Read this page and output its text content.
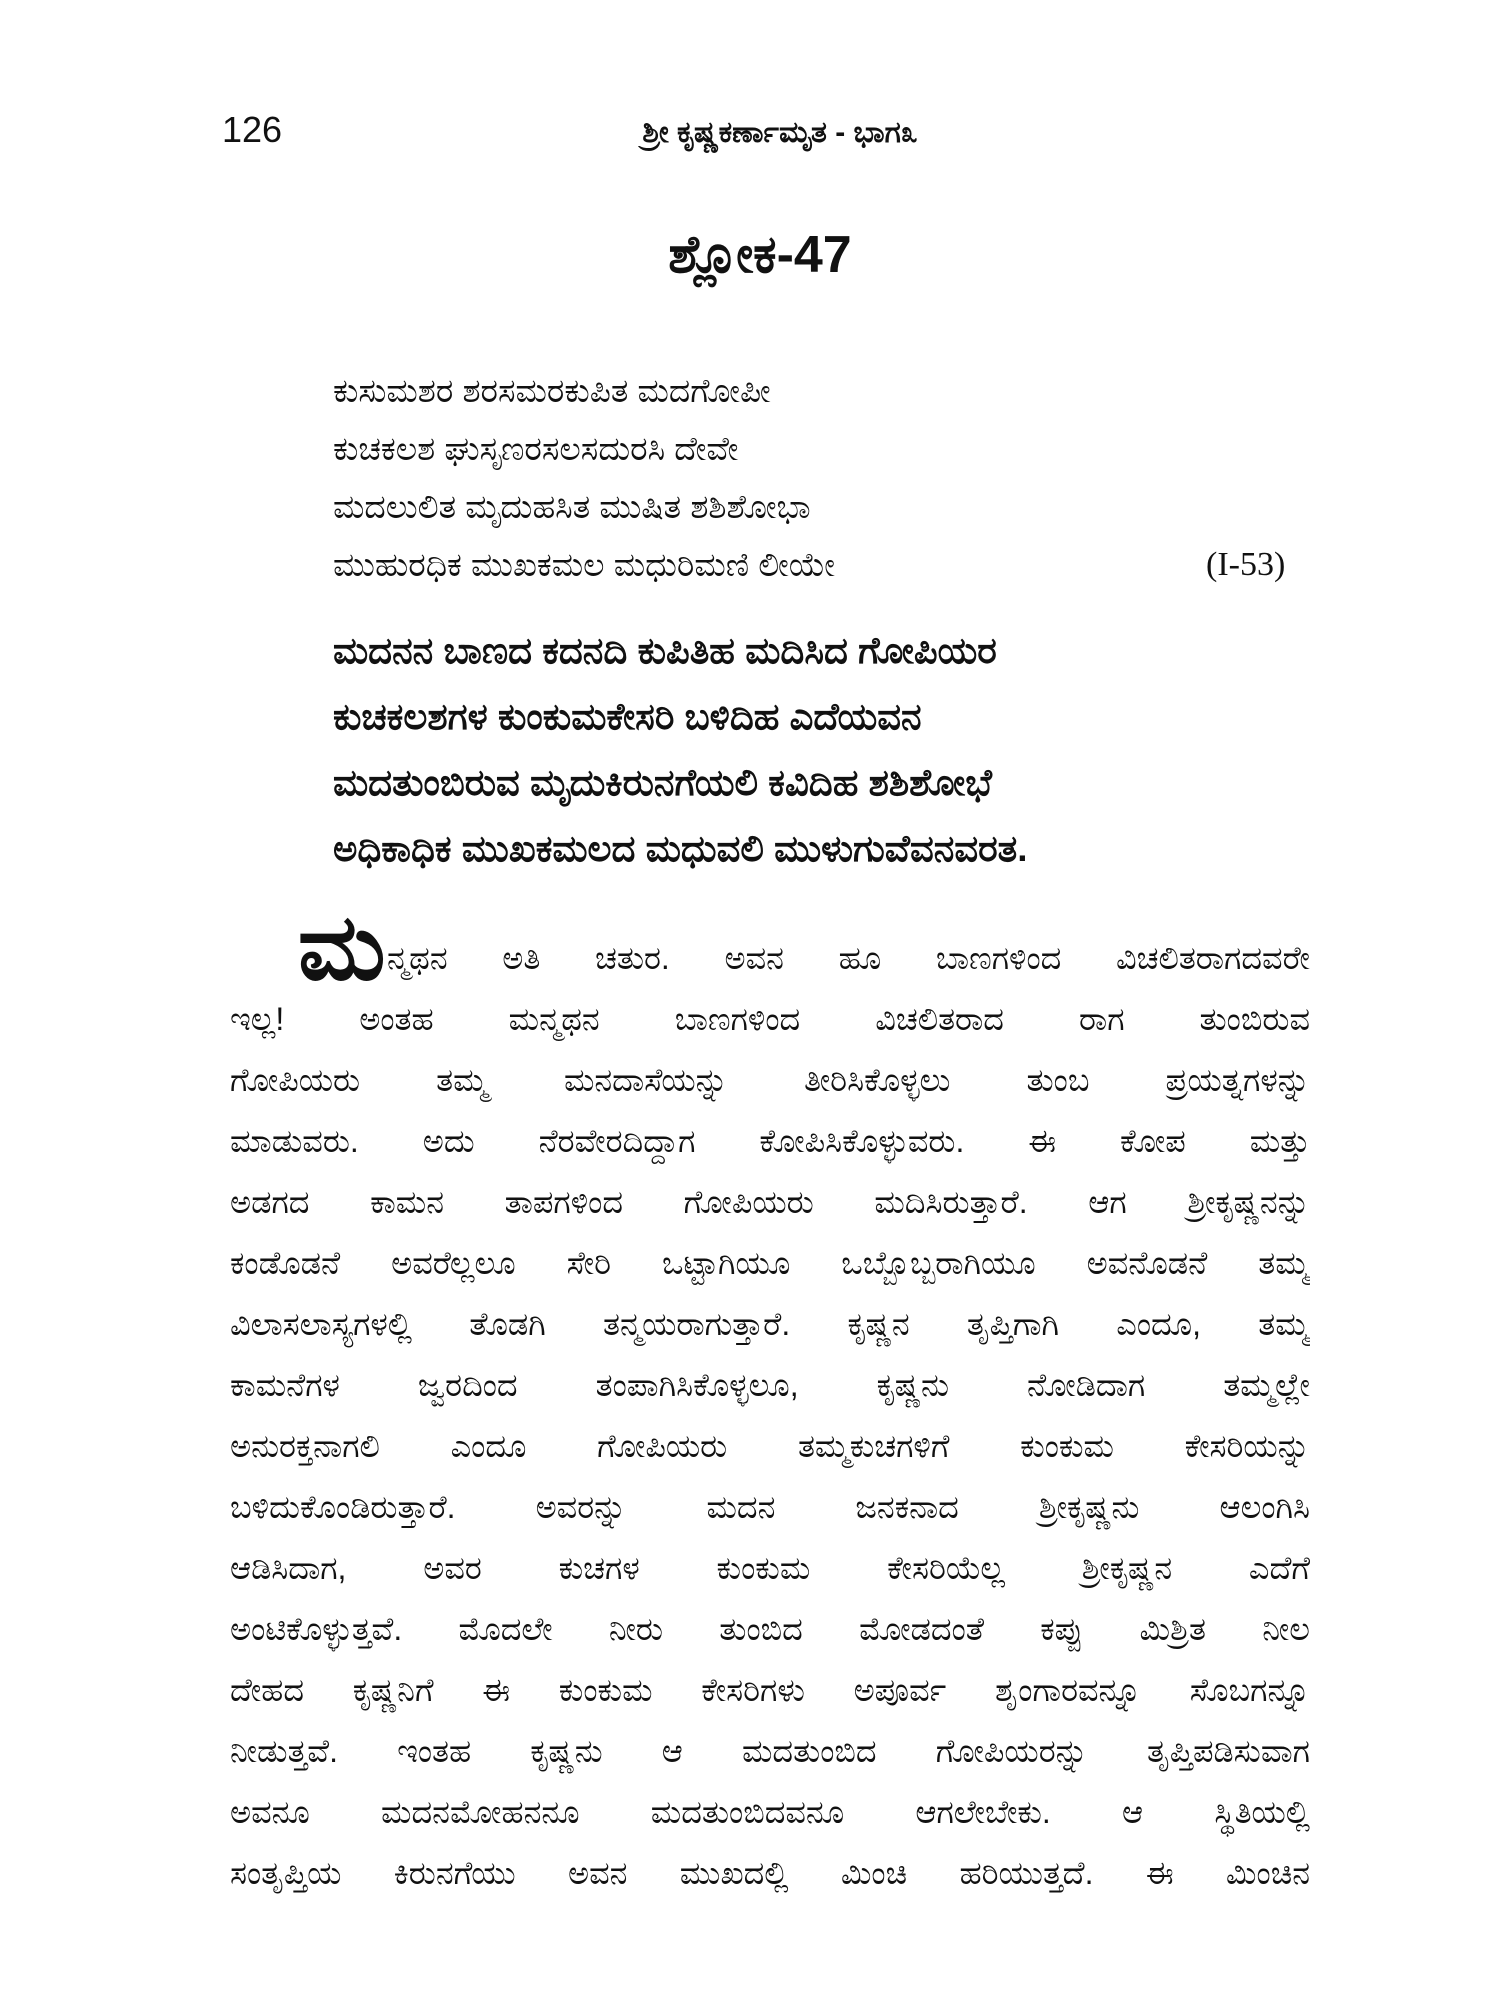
126	ಶ್ರೀ ಕೃಷ್ಣಕರ್ಣಾಮೃತ - ಭಾಗ೩
ಶ್ಲೋಕ-47
ಕುಸುಮಶರ ಶರಸಮರಕುಪಿತ ಮದಗೋಪೀ
ಕುಚಕಲಶ ಘುಸೃಣರಸಲಸದುರಸಿ ದೇವೇ
ಮದಲುಲಿತ ಮೃದುಹಸಿತ ಮುಷಿತ ಶಶಿಶೋಭಾ
ಮುಹುರಧಿಕ ಮುಖಕಮಲ ಮಧುರಿಮಣಿ ಲೀಯೇ	(I-53)
ಮದನನ ಬಾಣದ ಕದನದಿ ಕುಪಿತಿಹ ಮದಿಸಿದ ಗೋಪಿಯರ
ಕುಚಕಲಶಗಳ ಕುಂಕುಮಕೇಸರಿ ಬಳಿದಿಹ ಎದೆಯವನ
ಮದತುಂಬಿರುವ ಮೃದುಕಿರುನಗೆಯಲಿ ಕವಿದಿಹ ಶಶಿಶೋಭೆ
ಅಧಿಕಾಧಿಕ ಮುಖಕಮಲದ ಮಧುವಲಿ ಮುಳುಗುವೆವನವರತ.
ಮ ನ್ಮಥನ ಅತಿ ಚತುರ. ಅವನ ಹೂ ಬಾಣಗಳಿಂದ ವಿಚಲಿತರಾಗದವರೇ
ಇಲ್ಲ! ಅಂತಹ ಮನ್ಮಥನ ಬಾಣಗಳಿಂದ ವಿಚಲಿತರಾದ ರಾಗ ತುಂಬಿರುವ
ಗೋಪಿಯರು ತಮ್ಮ ಮನದಾಸೆಯನ್ನು ತೀರಿಸಿಕೊಳ್ಳಲು ತುಂಬ ಪ್ರಯತ್ನಗಳನ್ನು
ಮಾಡುವರು. ಅದು ನೆರವೇರದಿದ್ದಾಗ ಕೋಪಿಸಿಕೊಳ್ಳುವರು. ಈ ಕೋಪ ಮತ್ತು
ಅಡಗದ ಕಾಮನ ತಾಪಗಳಿಂದ ಗೋಪಿಯರು ಮದಿಸಿರುತ್ತಾರೆ. ಆಗ ಶ್ರೀಕೃಷ್ಣನನ್ನು
ಕಂಡೊಡನೆ ಅವರೆಲ್ಲಲೂ ಸೇರಿ ಒಟ್ಟಾಗಿಯೂ ಒಬ್ಬೊಬ್ಬರಾಗಿಯೂ ಅವನೊಡನೆ ತಮ್ಮ
ವಿಲಾಸಲಾಸ್ಯಗಳಲ್ಲಿ ತೊಡಗಿ ತನ್ಮಯರಾಗುತ್ತಾರೆ. ಕೃಷ್ಣನ ತೃಪ್ತಿಗಾಗಿ ಎಂದೂ, ತಮ್ಮ
ಕಾಮನೆಗಳ ಜ್ವರದಿಂದ ತಂಪಾಗಿಸಿಕೊಳ್ಳಲೂ, ಕೃಷ್ಣನು ನೋಡಿದಾಗ ತಮ್ಮಲ್ಲೇ
ಅನುರಕ್ತನಾಗಲಿ ಎಂದೂ ಗೋಪಿಯರು ತಮ್ಮಕುಚಗಳಿಗೆ ಕುಂಕುಮ ಕೇಸರಿಯನ್ನು
ಬಳಿದುಕೊಂಡಿರುತ್ತಾರೆ. ಅವರನ್ನು ಮದನ ಜನಕನಾದ ಶ್ರೀಕೃಷ್ಣನು ಆಲಂಗಿಸಿ
ಆಡಿಸಿದಾಗ, ಅವರ ಕುಚಗಳ ಕುಂಕುಮ ಕೇಸರಿಯೆಲ್ಲ ಶ್ರೀಕೃಷ್ಣನ ಎದೆಗೆ
ಅಂಟಿಕೊಳ್ಳುತ್ತವೆ. ಮೊದಲೇ ನೀರು ತುಂಬಿದ ಮೋಡದಂತೆ ಕಪ್ಪು ಮಿಶ್ರಿತ ನೀಲ
ದೇಹದ ಕೃಷ್ಣನಿಗೆ ಈ ಕುಂಕುಮ ಕೇಸರಿಗಳು ಅಪೂರ್ವ ಶೃಂಗಾರವನ್ನೂ ಸೊಬಗನ್ನೂ
ನೀಡುತ್ತವೆ. ಇಂತಹ ಕೃಷ್ಣನು ಆ ಮದತುಂಬಿದ ಗೋಪಿಯರನ್ನು ತೃಪ್ತಿಪಡಿಸುವಾಗ
ಅವನೂ ಮದನಮೋಹನನೂ ಮದತುಂಬಿದವನೂ ಆಗಲೇಬೇಕು. ಆ ಸ್ಥಿತಿಯಲ್ಲಿ
ಸಂತೃಪ್ತಿಯ ಕಿರುನಗೆಯು ಅವನ ಮುಖದಲ್ಲಿ ಮಿಂಚಿ ಹರಿಯುತ್ತದೆ. ಈ ಮಿಂಚಿನ
